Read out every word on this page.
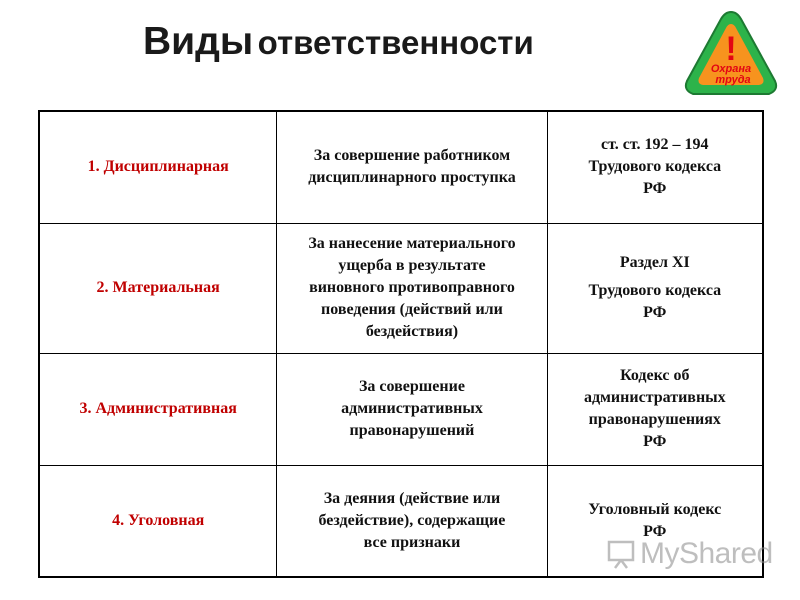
Виды ответственности	!
Охрана
труда
1. Дисциплинарная	За совершение работником
дисциплинарного проступка	ст. ст. 192 – 194
Трудового кодекса
РФ
2. Материальная	За нанесение материального
ущерба в результате
виновного противоправного
поведения (действий или
бездействия)	Раздел XI
Трудового кодекса
РФ
3. Административная	За совершение
административных
правонарушений	Кодекс об
административных
правонарушениях
РФ
4. Уголовная	За деяния (действие или
бездействие), содержащие
все признаки	Уголовный кодекс
РФ
MyShared
